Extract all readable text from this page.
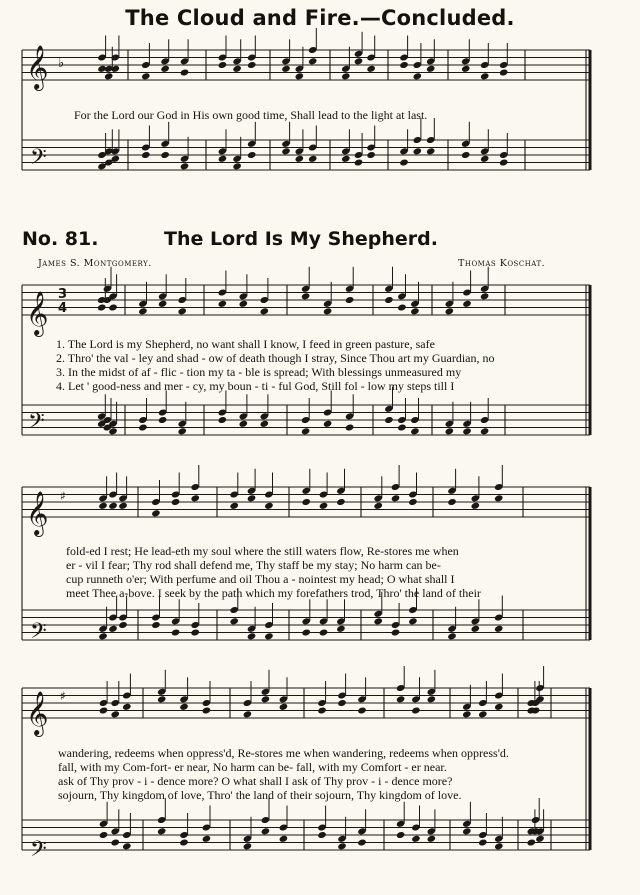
The Cloud and Fire.—Concluded.
No. 81.	The Lord Is My Shepherd.
James S. Montgomery.	Thomas Koschat.
𝄞
𝄢
♭
𝄞
𝄢
3
4
𝄞
𝄢
♯
𝄞
𝄢
♯
For the Lord our God in His own good time, Shall lead to the light at last.
1. The Lord is my Shepherd, no want shall I know, I feed in green pasture, safe
2. Thro' the val - ley and shad - ow of death though I stray, Since Thou art my Guardian, no
3. In the midst of af - flic - tion my ta - ble is spread; With blessings unmeasured my
4. Let ' good-ness and mer - cy, my boun - ti - ful God, Still fol - low my steps till I
fold-ed I rest; He lead-eth my soul where the still waters flow, Re-stores me when
er - vil I fear; Thy rod shall defend me, Thy staff be my stay; No harm can be-
cup runneth o'er; With perfume and oil Thou a - nointest my head; O what shall I
meet Thee a-bove. I seek by the path which my forefathers trod, Thro' the land of their
wandering, redeems when oppress'd, Re-stores me when wandering, redeems when oppress'd.
fall, with my Com-fort- er near, No harm can be- fall, with my Comfort - er near.
ask of Thy prov - i - dence more? O what shall I ask of Thy prov - i - dence more?
sojourn, Thy kingdom of love, Thro' the land of their sojourn, Thy kingdom of love.
